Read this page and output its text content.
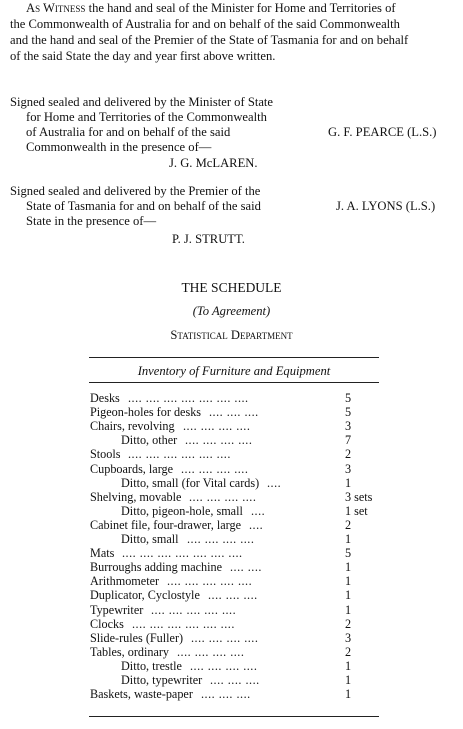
As Witness the hand and seal of the Minister for Home and Territories of
the Commonwealth of Australia for and on behalf of the said Commonwealth
and the hand and seal of the Premier of the State of Tasmania for and on behalf
of the said State the day and year first above written.
Signed sealed and delivered by the Minister of State
for Home and Territories of the Commonwealth
of Australia for and on behalf of the said
Commonwealth in the presence of—
G. F. PEARCE (L.S.)
J. G. McLAREN.
Signed sealed and delivered by the Premier of the
State of Tasmania for and on behalf of the said
State in the presence of—
J. A. LYONS (L.S.)
P. J. STRUTT.
THE SCHEDULE
(To Agreement)
Statistical Department
Inventory of Furniture and Equipment
Desks .... .... .... .... .... .... ....	5
Pigeon-holes for desks .... .... ....	5
Chairs, revolving .... .... .... ....	3
Ditto, other .... .... .... ....	7
Stools .... .... .... .... .... ....	2
Cupboards, large .... .... .... ....	3
Ditto, small (for Vital cards) ....	1
Shelving, movable .... .... .... ....	3 sets
Ditto, pigeon-hole, small ....	1 set
Cabinet file, four-drawer, large ....	2
Ditto, small .... .... .... ....	1
Mats .... .... .... .... .... .... ....	5
Burroughs adding machine .... ....	1
Arithmometer .... .... .... .... ....	1
Duplicator, Cyclostyle .... .... ....	1
Typewriter .... .... .... .... ....	1
Clocks .... .... .... .... .... ....	2
Slide-rules (Fuller) .... .... .... ....	3
Tables, ordinary .... .... .... ....	2
Ditto, trestle .... .... .... ....	1
Ditto, typewriter .... .... ....	1
Baskets, waste-paper .... .... ....	1
